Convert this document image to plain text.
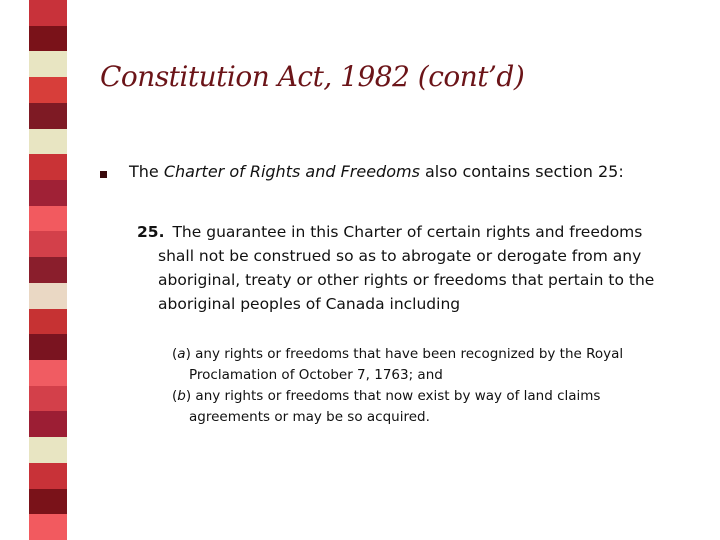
Constitution Act, 1982 (cont’d)
The Charter of Rights and Freedoms also contains section 25:
25. The guarantee in this Charter of certain rights and freedoms
shall not be construed so as to abrogate or derogate from any
aboriginal, treaty or other rights or freedoms that pertain to the
aboriginal peoples of Canada including
(a) any rights or freedoms that have been recognized by the Royal
Proclamation of October 7, 1763; and
(b) any rights or freedoms that now exist by way of land claims
agreements or may be so acquired.
